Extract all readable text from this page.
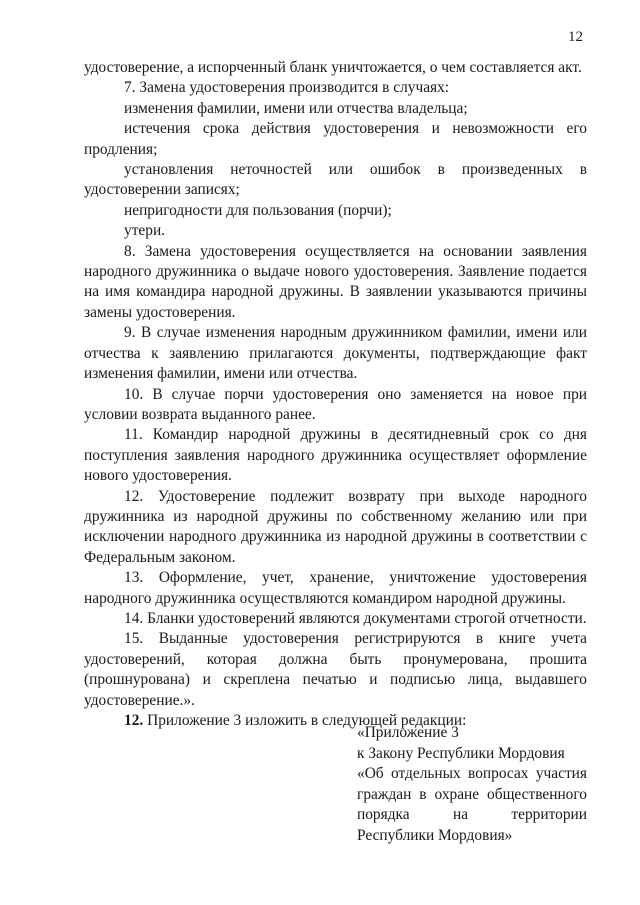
12

удостоверение, а испорченный бланк уничтожается, о чем составляется акт.

7. Замена удостоверения производится в случаях:

изменения фамилии, имени или отчества владельца;

истечения срока действия удостоверения и невозможности его продления;

установления неточностей или ошибок в произведенных в удостоверении записях;

непригодности для пользования (порчи);

утери.

8. Замена удостоверения осуществляется на основании заявления народного дружинника о выдаче нового удостоверения. Заявление подается на имя командира народной дружины. В заявлении указываются причины замены удостоверения.

9. В случае изменения народным дружинником фамилии, имени или отчества к заявлению прилагаются документы, подтверждающие факт изменения фамилии, имени или отчества.

10. В случае порчи удостоверения оно заменяется на новое при условии возврата выданного ранее.

11. Командир народной дружины в десятидневный срок со дня поступления заявления народного дружинника осуществляет оформление нового удостоверения.

12. Удостоверение подлежит возврату при выходе народного дружинника из народной дружины по собственному желанию или при исключении народного дружинника из народной дружины в соответствии с Федеральным законом.

13. Оформление, учет, хранение, уничтожение удостоверения народного дружинника осуществляются командиром народной дружины.

14. Бланки удостоверений являются документами строгой отчетности.

15. Выданные удостоверения регистрируются в книге учета удостоверений, которая должна быть пронумерована, прошита (прошнурована) и скреплена печатью и подписью лица, выдавшего удостоверение.».

12. Приложение 3 изложить в следующей редакции:

«Приложение 3

к Закону Республики Мордовия

«Об отдельных вопросах участия

граждан в охране общественного

порядка на территории

Республики Мордовия»
